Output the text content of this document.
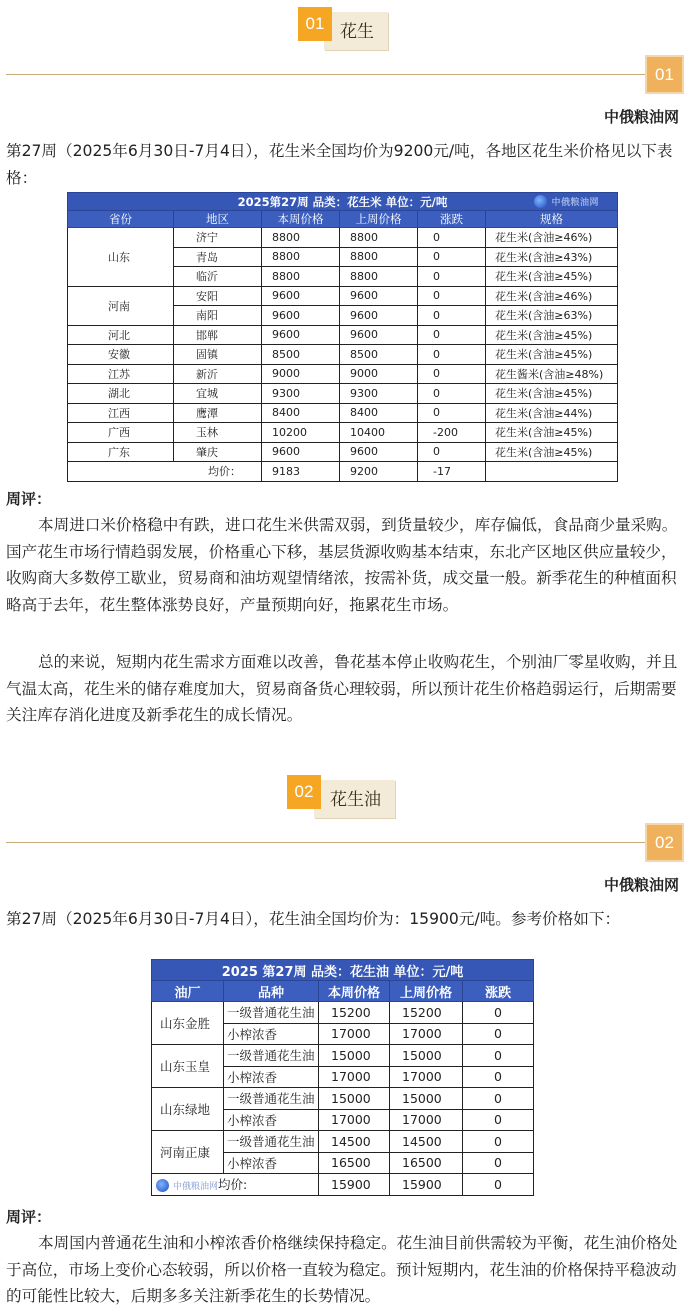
01 花生
01
中俄粮油网
第27周（2025年6月30日-7月4日），花生米全国均价为9200元/吨，各地区花生米价格见以下表格：
2025第27周 品类：花生米 单位：元/吨 中俄粮油网					

省份	地区	本周价格	上周价格	涨跌	规格
山东	济宁	8800	8800	0	花生米(含油≥46%)
	青岛	8800	8800	0	花生米(含油≥43%)
	临沂	8800	8800	0	花生米(含油≥45%)
河南	安阳	9600	9600	0	花生米(含油≥46%)
	南阳	9600	9600	0	花生米(含油≥63%)
河北	邯郸	9600	9600	0	花生米(含油≥45%)
安徽	固镇	8500	8500	0	花生米(含油≥45%)
江苏	新沂	9000	9000	0	花生酱米(含油≥48%)
湖北	宜城	9300	9300	0	花生米(含油≥45%)
江西	鹰潭	8400	8400	0	花生米(含油≥44%)
广西	玉林	10200	10400	-200	花生米(含油≥45%)
广东	肇庆	9600	9600	0	花生米(含油≥45%)
均价：		9183	9200	-17	
周评：
本周进口米价格稳中有跌，进口花生米供需双弱，到货量较少，库存偏低，食品商少量采购。国产花生市场行情趋弱发展，价格重心下移，基层货源收购基本结束，东北产区地区供应量较少，收购商大多数停工歇业，贸易商和油坊观望情绪浓，按需补货，成交量一般。新季花生的种植面积略高于去年，花生整体涨势良好，产量预期向好，拖累花生市场。
总的来说，短期内花生需求方面难以改善，鲁花基本停止收购花生，个别油厂零星收购，并且气温太高，花生米的储存难度加大，贸易商备货心理较弱，所以预计花生价格趋弱运行，后期需要关注库存消化进度及新季花生的成长情况。
02 花生油
02
中俄粮油网
第27周（2025年6月30日-7月4日），花生油全国均价为：15900元/吨。参考价格如下：
2025 第27周 品类：花生油 单位：元/吨				
油厂	品种	本周价格	上周价格	涨跌
山东金胜	一级普通花生油	15200	15200	0
	小榨浓香	17000	17000	0
山东玉皇	一级普通花生油	15000	15000	0
	小榨浓香	17000	17000	0
山东绿地	一级普通花生油	15000	15000	0
	小榨浓香	17000	17000	0
河南正康	一级普通花生油	14500	14500	0
	小榨浓香	16500	16500	0
中俄粮油网均价:		15900	15900	0
周评：
本周国内普通花生油和小榨浓香价格继续保持稳定。花生油目前供需较为平衡，花生油价格处于高位，市场上变价心态较弱，所以价格一直较为稳定。预计短期内，花生油的价格保持平稳波动的可能性比较大，后期多多关注新季花生的长势情况。
